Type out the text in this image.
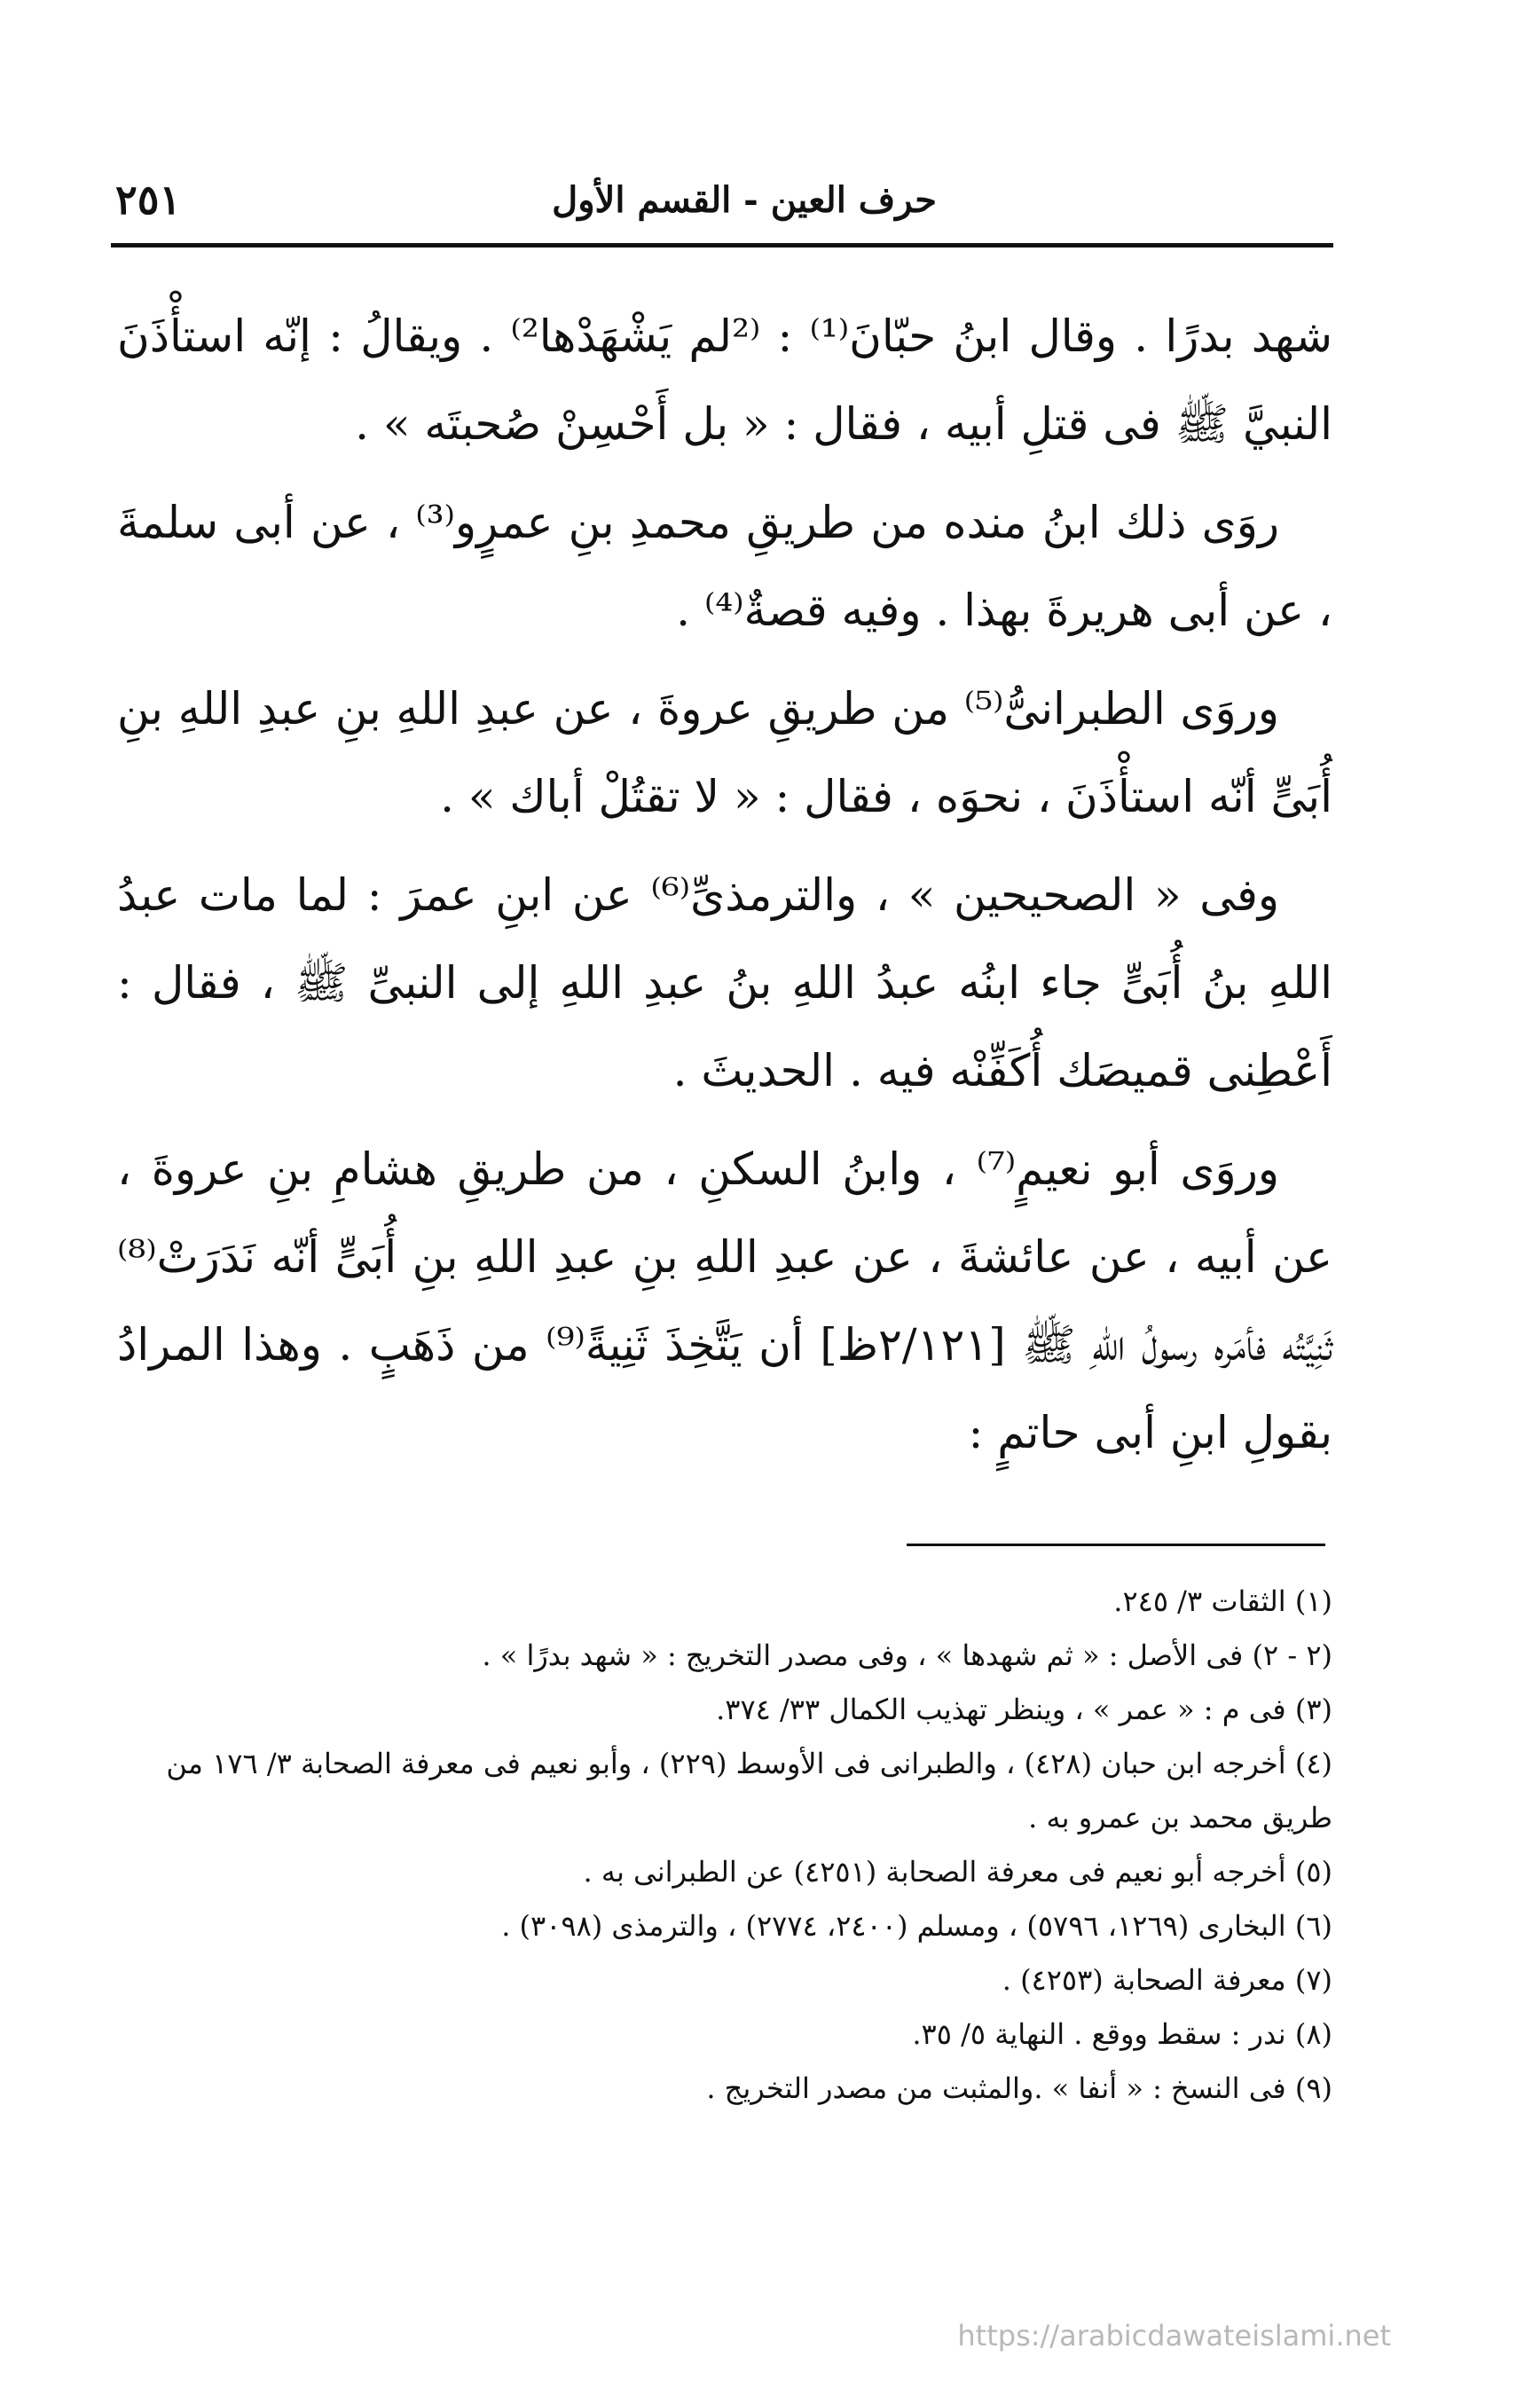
حرف العين - القسم الأول
٢٥١

شهد بدرًا . وقال ابنُ حبّانَ⁽¹⁾ : ⁽²لم يَشْهَدْها²⁾ . ويقالُ : إنّه استأْذَنَ النبيَّ ﷺ فى قتلِ أبيه ، فقال : « بل أَحْسِنْ صُحبتَه » .

روَى ذلك ابنُ منده من طريقِ محمدِ بنِ عمرٍو⁽³⁾ ، عن أبى سلمةَ ، عن أبى هريرةَ بهذا . وفيه قصةٌ⁽⁴⁾ .

وروَى الطبرانىُّ⁽⁵⁾ من طريقِ عروةَ ، عن عبدِ اللهِ بنِ عبدِ اللهِ بنِ أُبَىٍّ أنّه استأْذَنَ ، نحوَه ، فقال : « لا تقتُلْ أباك » .

وفى « الصحيحين » ، والترمذىِّ⁽⁶⁾ عن ابنِ عمرَ : لما مات عبدُ اللهِ بنُ أُبَىٍّ جاء ابنُه عبدُ اللهِ بنُ عبدِ اللهِ إلى النبىِّ ﷺ ، فقال : أَعْطِنى قميصَك أُكَفِّنْه فيه . الحديثَ .

وروَى أبو نعيمٍ⁽⁷⁾ ، وابنُ السكنِ ، من طريقِ هشامِ بنِ عروةَ ، عن أبيه ، عن عائشةَ ، عن عبدِ اللهِ بنِ عبدِ اللهِ بنِ أُبَىٍّ أنّه نَدَرَتْ⁽⁸⁾ ثَنِيَّتُه فأمَره رسولُ اللهِ ﷺ [٢/١٢١ظ] أن يَتَّخِذَ ثَنِيةً⁽⁹⁾ من ذَهَبٍ . وهذا المرادُ بقولِ ابنِ أبى حاتمٍ :

(١) الثقات ٣/ ٢٤٥.

(٢ - ٢) فى الأصل : « ثم شهدها » ، وفى مصدر التخريج : « شهد بدرًا » .

(٣) فى م : « عمر » ، وينظر تهذيب الكمال ٣٣/ ٣٧٤.

(٤) أخرجه ابن حبان (٤٢٨) ، والطبرانى فى الأوسط (٢٢٩) ، وأبو نعيم فى معرفة الصحابة ٣/ ١٧٦ من طريق محمد بن عمرو به .

(٥) أخرجه أبو نعيم فى معرفة الصحابة (٤٢٥١) عن الطبرانى به .

(٦) البخارى (١٢٦٩، ٥٧٩٦) ، ومسلم (٢٤٠٠، ٢٧٧٤) ، والترمذى (٣٠٩٨) .

(٧) معرفة الصحابة (٤٢٥٣) .

(٨) ندر : سقط ووقع . النهاية ٥/ ٣٥.

(٩) فى النسخ : « أنفا » .والمثبت من مصدر التخريج .

https://arabicdawateislami.net
